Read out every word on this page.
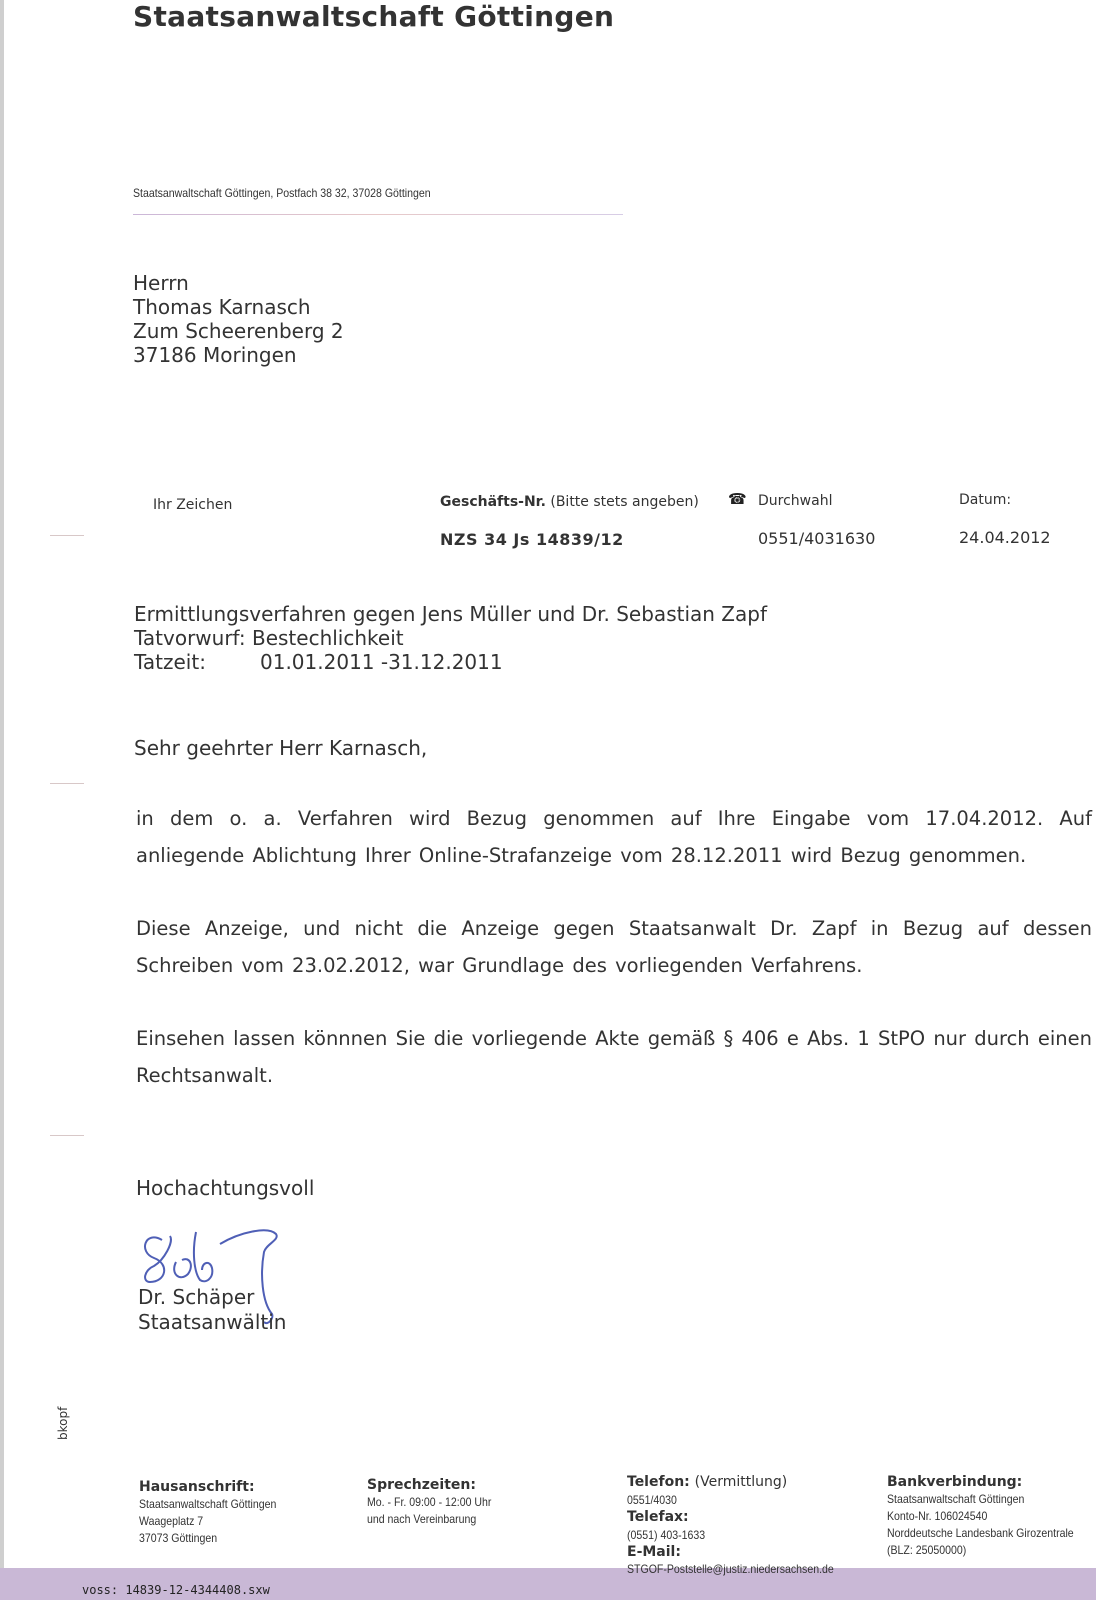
Staatsanwaltschaft Göttingen
Staatsanwaltschaft Göttingen, Postfach 38 32, 37028 Göttingen
Herrn
Thomas Karnasch
Zum Scheerenberg 2
37186 Moringen
Ihr Zeichen	Geschäfts-Nr. (Bitte stets angeben)
NZS 34 Js 14839/12
☎ Durchwahl
0551/4031630
Datum:
24.04.2012
Ermittlungsverfahren gegen Jens Müller und Dr. Sebastian Zapf
Tatvorwurf: Bestechlichkeit
Tatzeit:	01.01.2011 -31.12.2011
Sehr geehrter Herr Karnasch,
in dem o. a. Verfahren wird Bezug genommen auf Ihre Eingabe vom 17.04.2012. Auf anliegende Ablichtung Ihrer Online-Strafanzeige vom 28.12.2011 wird Bezug genommen.
Diese Anzeige, und nicht die Anzeige gegen Staatsanwalt Dr. Zapf in Bezug auf dessen Schreiben vom 23.02.2012, war Grundlage des vorliegenden Verfahrens.
Einsehen lassen könnnen Sie die vorliegende Akte gemäß § 406 e Abs. 1 StPO nur durch einen Rechtsanwalt.
Hochachtungsvoll
Dr. Schäper
Staatsanwältin
bkopf
Hausanschrift:
Staatsanwaltschaft Göttingen
Waageplatz 7
37073 Göttingen
Sprechzeiten:
Mo. - Fr. 09:00 - 12:00 Uhr
und nach Vereinbarung
Telefon: (Vermittlung)
0551/4030
Telefax:
(0551) 403-1633
E-Mail:
Bankverbindung:
Staatsanwaltschaft Göttingen
Konto-Nr. 106024540
Norddeutsche Landesbank Girozentrale
(BLZ: 25050000)
STGOF-Poststelle@justiz.niedersachsen.de
voss: 14839-12-4344408.sxw
